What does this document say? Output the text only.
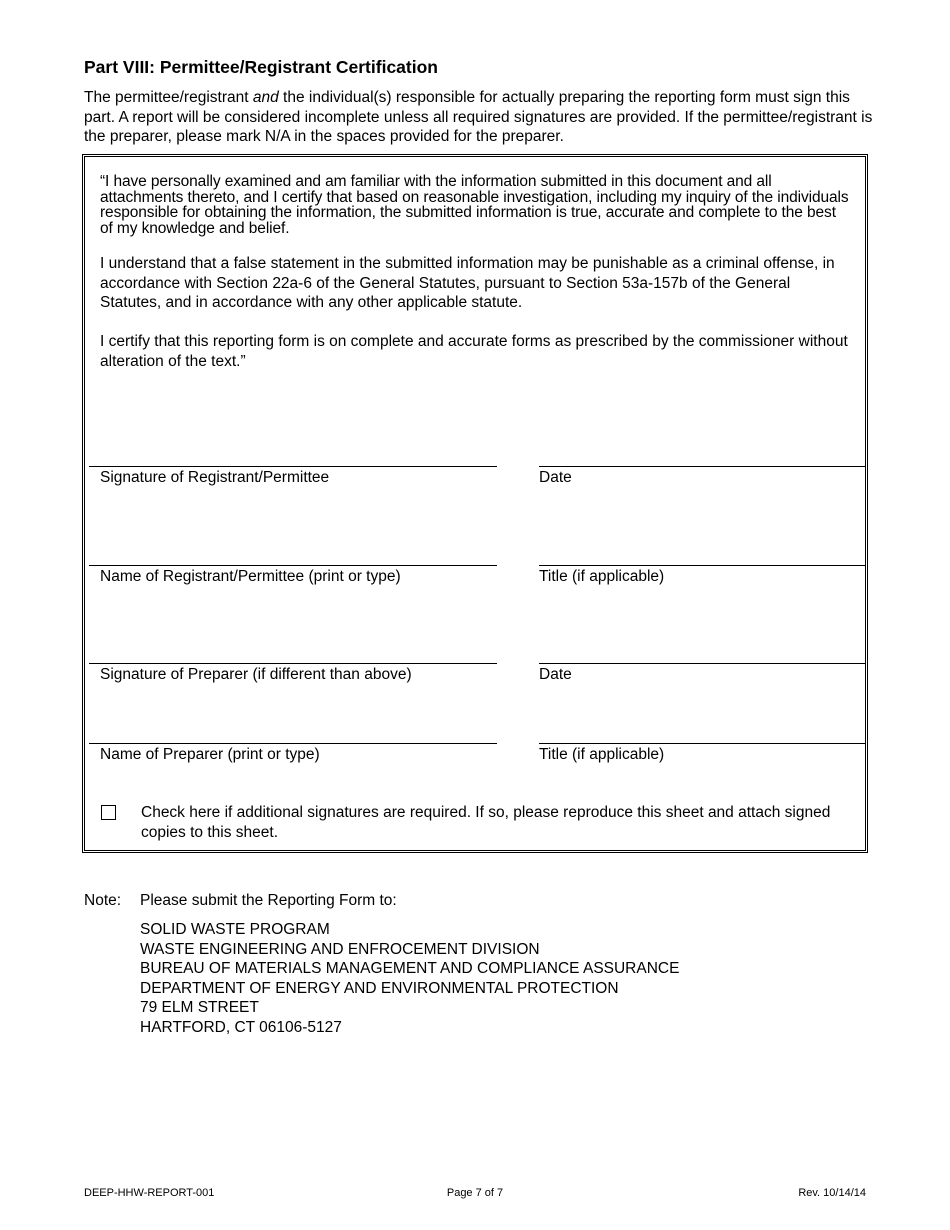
Part VIII: Permittee/Registrant Certification
The permittee/registrant and the individual(s) responsible for actually preparing the reporting form must sign this part. A report will be considered incomplete unless all required signatures are provided. If the permittee/registrant is the preparer, please mark N/A in the spaces provided for the preparer.
“I have personally examined and am familiar with the information submitted in this document and all attachments thereto, and I certify that based on reasonable investigation, including my inquiry of the individuals responsible for obtaining the information, the submitted information is true, accurate and complete to the best of my knowledge and belief.
I understand that a false statement in the submitted information may be punishable as a criminal offense, in accordance with Section 22a-6 of the General Statutes, pursuant to Section 53a-157b of the General Statutes, and in accordance with any other applicable statute.
I certify that this reporting form is on complete and accurate forms as prescribed by the commissioner without alteration of the text.”
Signature of Registrant/Permittee	Date
Name of Registrant/Permittee (print or type)	Title (if applicable)
Signature of Preparer (if different than above)	Date
Name of Preparer (print or type)	Title (if applicable)
Check here if additional signatures are required. If so, please reproduce this sheet and attach signed copies to this sheet.
Note: Please submit the Reporting Form to:
SOLID WASTE PROGRAM
WASTE ENGINEERING AND ENFROCEMENT DIVISION
BUREAU OF MATERIALS MANAGEMENT AND COMPLIANCE ASSURANCE
DEPARTMENT OF ENERGY AND ENVIRONMENTAL PROTECTION
79 ELM STREET
HARTFORD, CT 06106-5127
DEEP-HHW-REPORT-001	Page 7 of 7	Rev. 10/14/14
